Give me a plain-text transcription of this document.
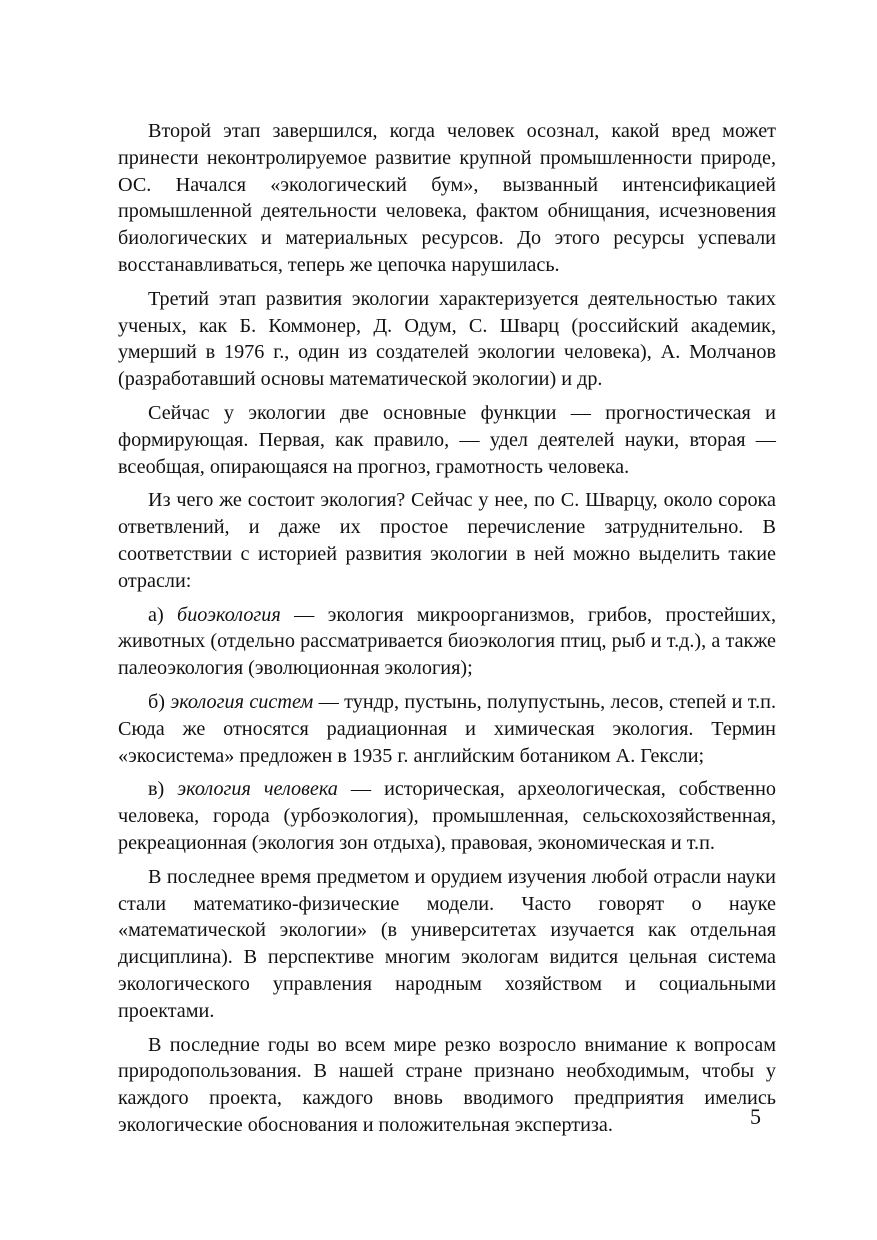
Второй этап завершился, когда человек осознал, какой вред может принести неконтролируемое развитие крупной промышленности природе, ОС. Начался «экологический бум», вызванный интенсификацией промышленной деятельности человека, фактом обнищания, исчезновения биологических и материальных ресурсов. До этого ресурсы успевали восстанавливаться, теперь же цепочка нарушилась.

Третий этап развития экологии характеризуется деятельностью таких ученых, как Б. Коммонер, Д. Одум, С. Шварц (российский академик, умерший в 1976 г., один из создателей экологии человека), А. Молчанов (разработавший основы математической экологии) и др.

Сейчас у экологии две основные функции — прогностическая и формирующая. Первая, как правило, — удел деятелей науки, вторая — всеобщая, опирающаяся на прогноз, грамотность человека.

Из чего же состоит экология? Сейчас у нее, по С. Шварцу, около сорока ответвлений, и даже их простое перечисление затруднительно. В соответствии с историей развития экологии в ней можно выделить такие отрасли:

а) биоэкология — экология микроорганизмов, грибов, простейших, животных (отдельно рассматривается биоэкология птиц, рыб и т.д.), а также палеоэкология (эволюционная экология);

б) экология систем — тундр, пустынь, полупустынь, лесов, степей и т.п. Сюда же относятся радиационная и химическая экология. Термин «экосистема» предложен в 1935 г. английским ботаником А. Гексли;

в) экология человека — историческая, археологическая, собственно человека, города (урбоэкология), промышленная, сельскохозяйственная, рекреационная (экология зон отдыха), правовая, экономическая и т.п.

В последнее время предметом и орудием изучения любой отрасли науки стали математико-физические модели. Часто говорят о науке «математической экологии» (в университетах изучается как отдельная дисциплина). В перспективе многим экологам видится цельная система экологического управления народным хозяйством и социальными проектами.

В последние годы во всем мире резко возросло внимание к вопросам природопользования. В нашей стране признано необходимым, чтобы у каждого проекта, каждого вновь вводимого предприятия имелись экологические обоснования и положительная экспертиза.	5
